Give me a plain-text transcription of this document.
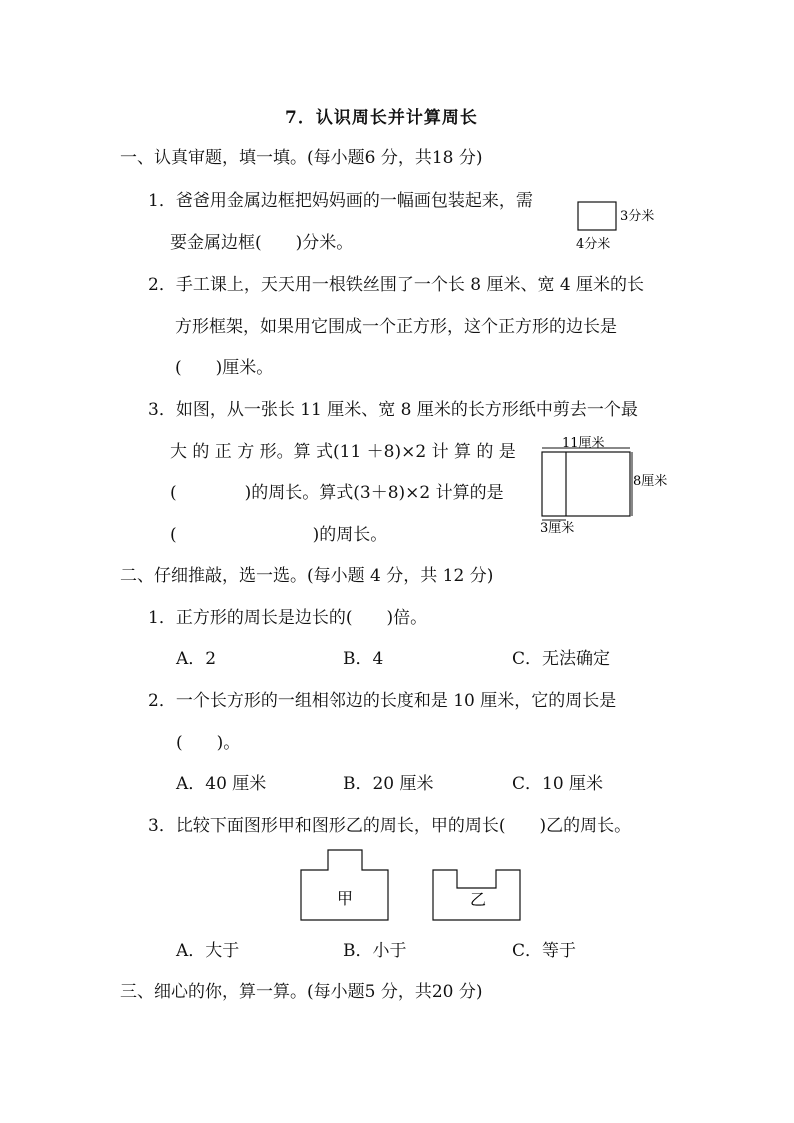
7．认识周长并计算周长
一、认真审题，填一填。(每小题6 分，共18 分)
1．爸爸用金属边框把妈妈画的一幅画包装起来，需
要金属边框(　　)分米。
3分米
4分米
2．手工课上，天天用一根铁丝围了一个长 8 厘米、宽 4 厘米的长
方形框架，如果用它围成一个正方形，这个正方形的边长是
(　　)厘米。
3．如图，从一张长 11 厘米、宽 8 厘米的长方形纸中剪去一个最
大 的 正 方 形。算 式(11 ＋8)×2 计 算 的 是
(　　　　)的周长。算式(3＋8)×2 计算的是
(　　　　　　　　)的周长。
11厘米
8厘米
3厘米
二、仔细推敲，选一选。(每小题 4 分，共 12 分)
1．正方形的周长是边长的(　　)倍。
A．2	B．4	C．无法确定
2．一个长方形的一组相邻边的长度和是 10 厘米，它的周长是
(　　)。
A．40 厘米	B．20 厘米	C．10 厘米
3．比较下面图形甲和图形乙的周长，甲的周长(　　)乙的周长。
甲	乙
A．大于	B．小于	C．等于
三、细心的你，算一算。(每小题5 分，共20 分)
